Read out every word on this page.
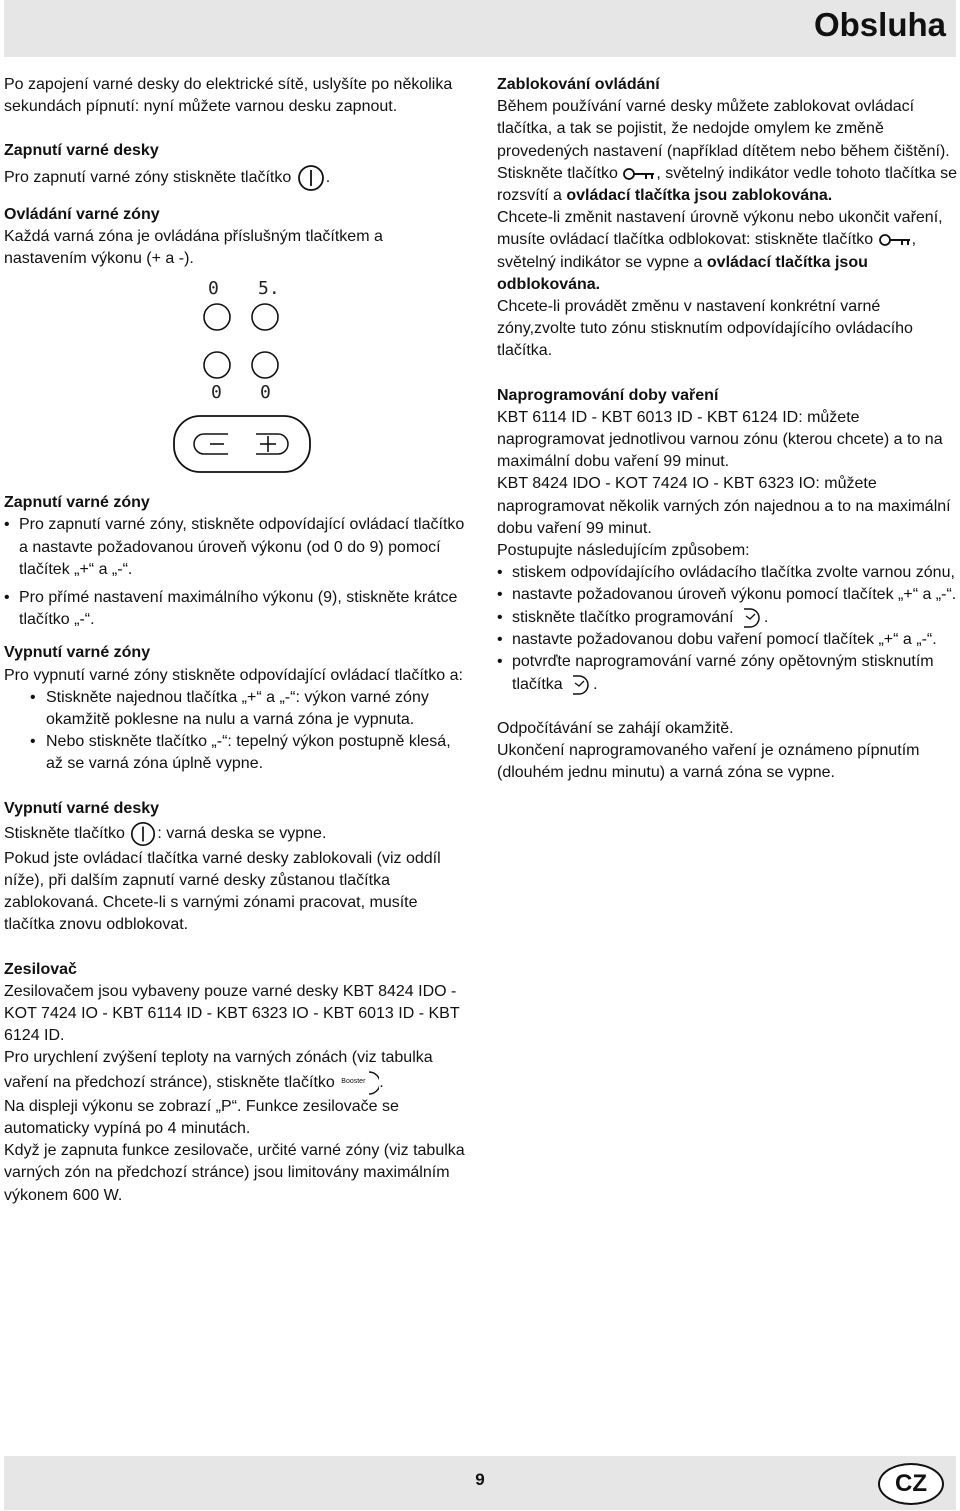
Obsluha

Po zapojení varné desky do elektrické sítě, uslyšíte po několika sekundách pípnutí: nyní můžete varnou desku zapnout.

Zapnutí varné desky

Pro zapnutí varné zóny stiskněte tlačítko .

Ovládání varné zóny

Každá varná zóna je ovládána příslušným tlačítkem a nastavením výkonu (+ a -).

0 5.
0 0

Zapnutí varné zóny

• Pro zapnutí varné zóny, stiskněte odpovídající ovládací tlačítko a nastavte požadovanou úroveň výkonu (od 0 do 9) pomocí tlačítek „+“ a „-“.
• Pro přímé nastavení maximálního výkonu (9), stiskněte krátce tlačítko „-“.

Vypnutí varné zóny

Pro vypnutí varné zóny stiskněte odpovídající ovládací tlačítko a:

• Stiskněte najednou tlačítka „+“ a „-“: výkon varné zóny okamžitě poklesne na nulu a varná zóna je vypnuta.
• Nebo stiskněte tlačítko „-“: tepelný výkon postupně klesá, až se varná zóna úplně vypne.

Vypnutí varné desky

Stiskněte tlačítko : varná deska se vypne.

Pokud jste ovládací tlačítka varné desky zablokovali (viz oddíl níže), při dalším zapnutí varné desky zůstanou tlačítka zablokovaná. Chcete-li s varnými zónami pracovat, musíte tlačítka znovu odblokovat.

Zesilovač

Zesilovačem jsou vybaveny pouze varné desky KBT 8424 IDO - KOT 7424 IO - KBT 6114 ID - KBT 6323 IO - KBT 6013 ID - KBT 6124 ID.

Pro urychlení zvýšení teploty na varných zónách (viz tabulka vaření na předchozí stránce), stiskněte tlačítko Booster .

Na displeji výkonu se zobrazí „P“. Funkce zesilovače se automaticky vypíná po 4 minutách.

Když je zapnuta funkce zesilovače, určité varné zóny (viz tabulka varných zón na předchozí stránce) jsou limitovány maximálním výkonem 600 W.

Zablokování ovládání

Během používání varné desky můžete zablokovat ovládací tlačítka, a tak se pojistit, že nedojde omylem ke změně provedených nastavení (například dítětem nebo během čištění).

Stiskněte tlačítko , světelný indikátor vedle tohoto tlačítka se rozsvítí a ovládací tlačítka jsou zablokována.

Chcete-li změnit nastavení úrovně výkonu nebo ukončit vaření, musíte ovládací tlačítka odblokovat: stiskněte tlačítko , světelný indikátor se vypne a ovládací tlačítka jsou odblokována.

Chcete-li provádět změnu v nastavení konkrétní varné zóny,zvolte tuto zónu stisknutím odpovídajícího ovládacího tlačítka.

Naprogramování doby vaření

KBT 6114 ID - KBT 6013 ID - KBT 6124 ID: můžete naprogramovat jednotlivou varnou zónu (kterou chcete) a to na maximální dobu vaření 99 minut.

KBT 8424 IDO - KOT 7424 IO - KBT 6323 IO: můžete naprogramovat několik varných zón najednou a to na maximální dobu vaření 99 minut.

Postupujte následujícím způsobem:

• stiskem odpovídajícího ovládacího tlačítka zvolte varnou zónu,
• nastavte požadovanou úroveň výkonu pomocí tlačítek „+“ a „-“.
• stiskněte tlačítko programování .
• nastavte požadovanou dobu vaření pomocí tlačítek „+“ a „-“.
• potvrďte naprogramování varné zóny opětovným stisknutím tlačítka .

Odpočítávání se zahájí okamžitě.

Ukončení naprogramovaného vaření je oznámeno pípnutím (dlouhém jednu minutu) a varná zóna se vypne.

9	CZ
